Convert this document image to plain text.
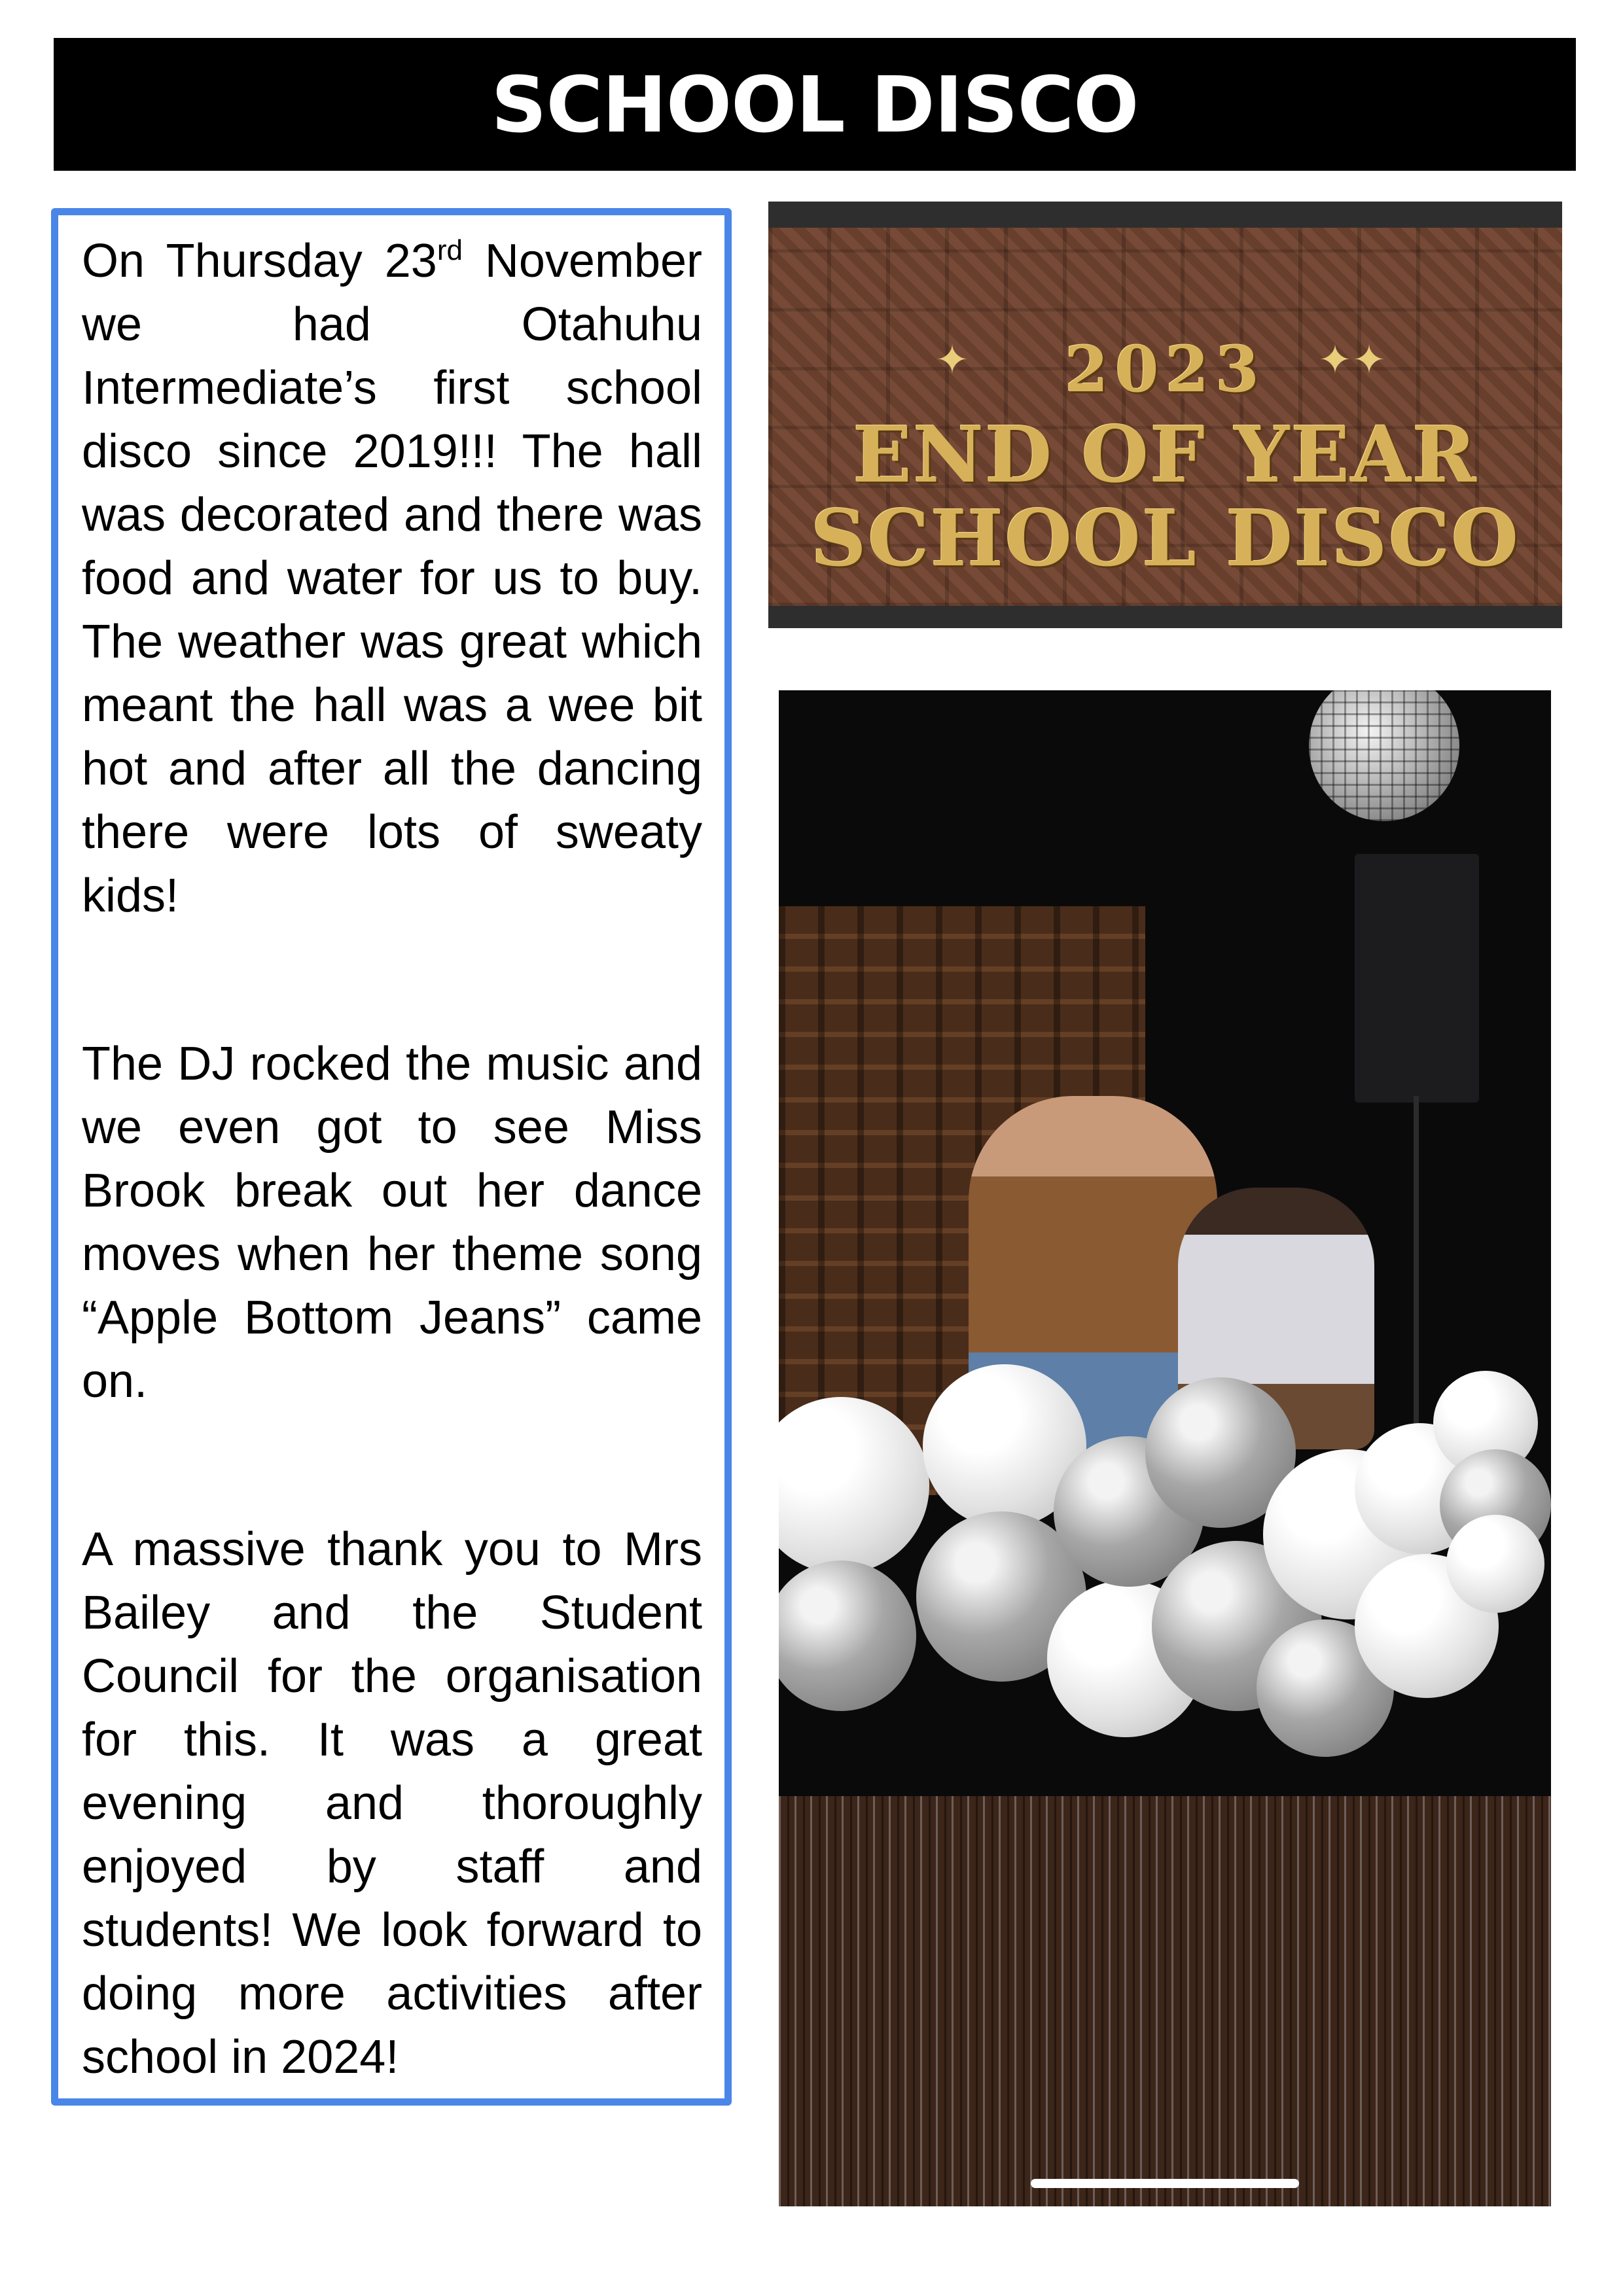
SCHOOL DISCO

On Thursday 23rd November we had Otahuhu Intermediate’s first school disco since 2019!!! The hall was decorated and there was food and water for us to buy. The weather was great which meant the hall was a wee bit hot and after all the dancing there were lots of sweaty kids!

The DJ rocked the music and we even got to see Miss Brook break out her dance moves when her theme song “Apple Bottom Jeans” came on.

A massive thank you to Mrs Bailey and the Student Council for the organisation for this. It was a great evening and thoroughly enjoyed by staff and students! We look forward to doing more activities after school in 2024!

✦	✦✦
2023
END OF YEAR
SCHOOL DISCO
